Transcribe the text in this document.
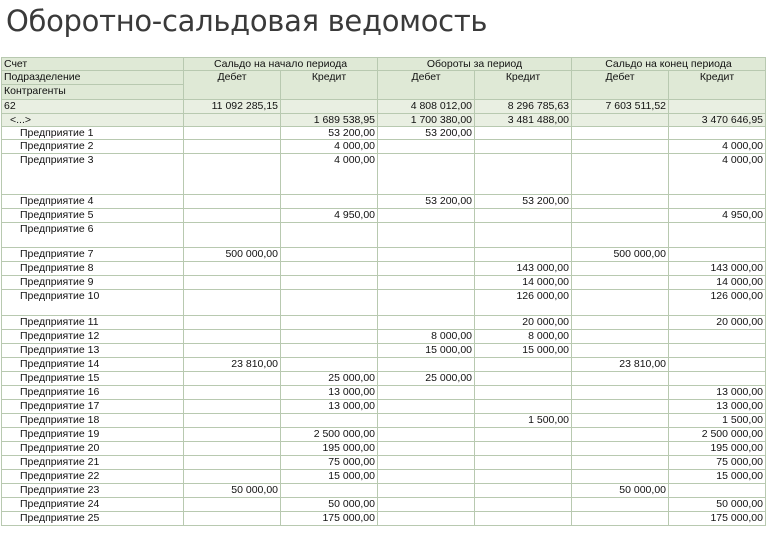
Оборотно-сальдовая ведомость
Счет	Сальдо на начало периода		Обороты за период		Сальдо на конец периода	
Подразделение	Дебет	Кредит	Дебет	Кредит	Дебет	Кредит
Контрагенты						
62	11 092 285,15		4 808 012,00	8 296 785,63	7 603 511,52	
<...>		1 689 538,95	1 700 380,00	3 481 488,00		3 470 646,95
Предприятие 1		53 200,00	53 200,00			
Предприятие 2		4 000,00				4 000,00
Предприятие 3		4 000,00				4 000,00
Предприятие 4			53 200,00	53 200,00		
Предприятие 5		4 950,00				4 950,00
Предприятие 6						
Предприятие 7	500 000,00				500 000,00	
Предприятие 8				143 000,00		143 000,00
Предприятие 9				14 000,00		14 000,00
Предприятие 10				126 000,00		126 000,00
Предприятие 11				20 000,00		20 000,00
Предприятие 12			8 000,00	8 000,00		
Предприятие 13			15 000,00	15 000,00		
Предприятие 14	23 810,00				23 810,00	
Предприятие 15		25 000,00	25 000,00			
Предприятие 16		13 000,00				13 000,00
Предприятие 17		13 000,00				13 000,00
Предприятие 18				1 500,00		1 500,00
Предприятие 19		2 500 000,00				2 500 000,00
Предприятие 20		195 000,00				195 000,00
Предприятие 21		75 000,00				75 000,00
Предприятие 22		15 000,00				15 000,00
Предприятие 23	50 000,00				50 000,00	
Предприятие 24		50 000,00				50 000,00
Предприятие 25		175 000,00				175 000,00
